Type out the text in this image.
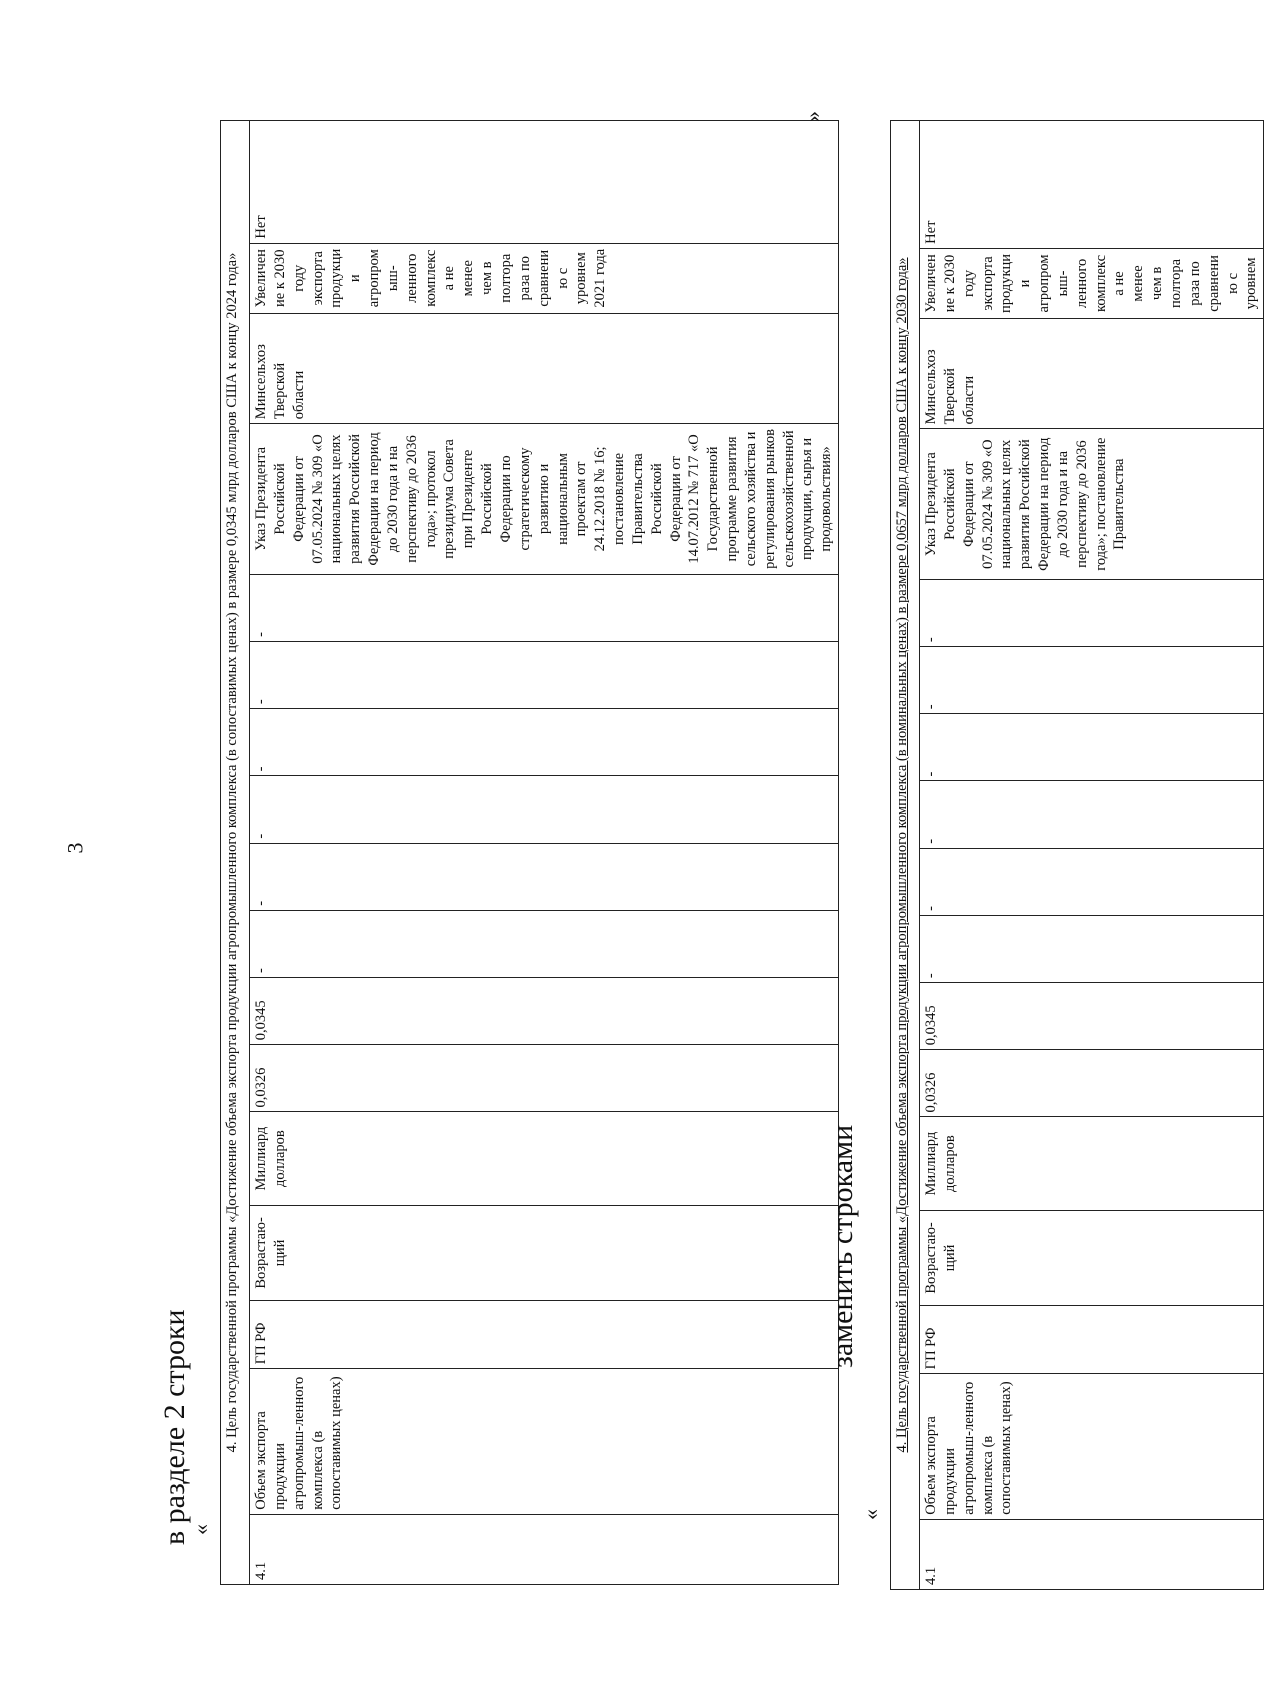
3
в разделе 2 строки
«
4. Цель государственной программы «Достижение объема экспорта продукции агропромышленного комплекса (в сопоставимых ценах) в размере 0,0345 млрд долларов США к концу 2024 года»
4.1	Объем экспорта продукции агропромыш-ленного комплекса (в сопоставимых ценах)	ГП РФ	Возрастаю-щий	Миллиард долларов	0,0326	0,0345	-	-	-	-	-	-	Указ Президента Российской Федерации от 07.05.2024 № 309 «О национальных целях развития Российской Федерации на период до 2030 года и на перспективу до 2036 года»; протокол президиума Совета при Президенте Российской Федерации по стратегическому развитию и национальным проектам от 24.12.2018 № 16; постановление Правительства Российской Федерации от 14.07.2012 № 717 «О Государственной программе развития сельского хозяйства и регулирования рынков сельскохозяйственной продукции, сырья и продовольствия»	Минсельхоз Тверской области	Увеличение к 2030 году экспорта продукции агропромыш-ленного комплекса не менее чем в полтора раза по сравнению с уровнем 2021 года	Нет
»
заменить строками
«
4. Цель государственной программы «Достижение объема экспорта продукции агропромышленного комплекса (в номинальных ценах) в размере 0,0657 млрд долларов США к концу 2030 года»
4.1	Объем экспорта продукции агропромыш-ленного комплекса (в сопоставимых ценах)	ГП РФ	Возрастаю-щий	Миллиард долларов	0,0326	0,0345	-	-	-	-	-	-	Указ Президента Российской Федерации от 07.05.2024 № 309 «О национальных целях развития Российской Федерации на период до 2030 года и на перспективу до 2036 года»; постановление Правительства	Минсельхоз Тверской области	Увеличение к 2030 году экспорта продукции агропромыш-ленного комплекса не менее чем в полтора раза по сравнению с уровнем	Нет
